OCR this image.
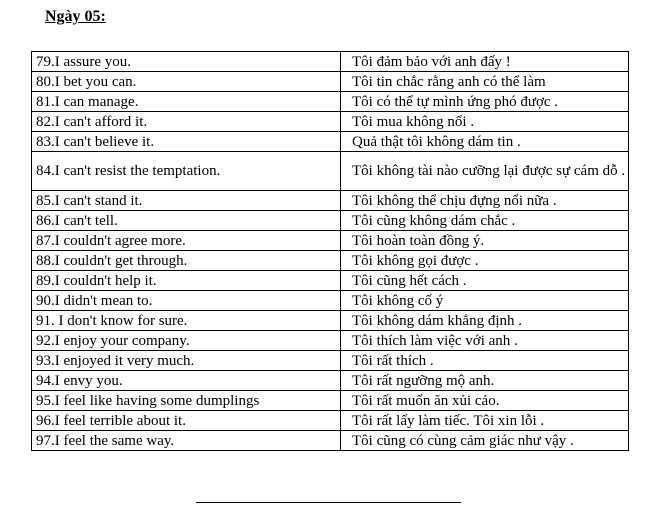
Ngày 05:
79.I assure you.	Tôi đảm bảo với anh đấy !
80.I bet you can.	Tôi tin chắc rằng anh có thể làm
81.I can manage.	Tôi có thể tự mình ứng phó được .
82.I can't afford it.	Tôi mua không nổi .
83.I can't believe it.	Quả thật tôi không dám tin .
84.I can't resist the temptation.	Tôi không tài nào cưỡng lại được sự cám dỗ .
85.I can't stand it.	Tôi không thể chịu đựng nổi nữa .
86.I can't tell.	Tôi cũng không dám chắc .
87.I couldn't agree more.	Tôi hoàn toàn đồng ý.
88.I couldn't get through.	Tôi không gọi được .
89.I couldn't help it.	Tôi cũng hết cách .
90.I didn't mean to.	Tôi không cố ý
91. I don't know for sure.	Tôi không dám khẳng định .
92.I enjoy your company.	Tôi thích làm việc với anh .
93.I enjoyed it very much.	Tôi rất thích .
94.I envy you.	Tôi rất ngưỡng mộ anh.
95.I feel like having some dumplings	Tôi rất muốn ăn xủi cảo.
96.I feel terrible about it.	Tôi rất lấy làm tiếc. Tôi xin lỗi .
97.I feel the same way.	Tôi cũng có cùng cảm giác như vậy .
